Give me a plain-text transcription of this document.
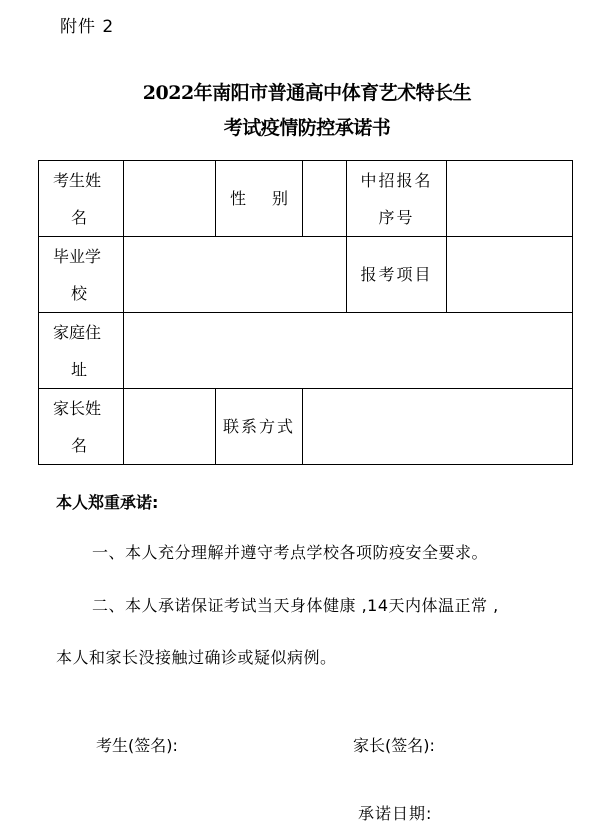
附件 2
2022年南阳市普通高中体育艺术特长生
考试疫情防控承诺书
考生姓
名		性 别		中招报名
序号	
毕业学
校				报考项目	
家庭住
址					
家长姓
名		联系方式			
本人郑重承诺:
一、本人充分理解并遵守考点学校各项防疫安全要求。
二、本人承诺保证考试当天身体健康 ,14天内体温正常 ,
本人和家长没接触过确诊或疑似病例。
考生(签名):	家长(签名):
承诺日期:
